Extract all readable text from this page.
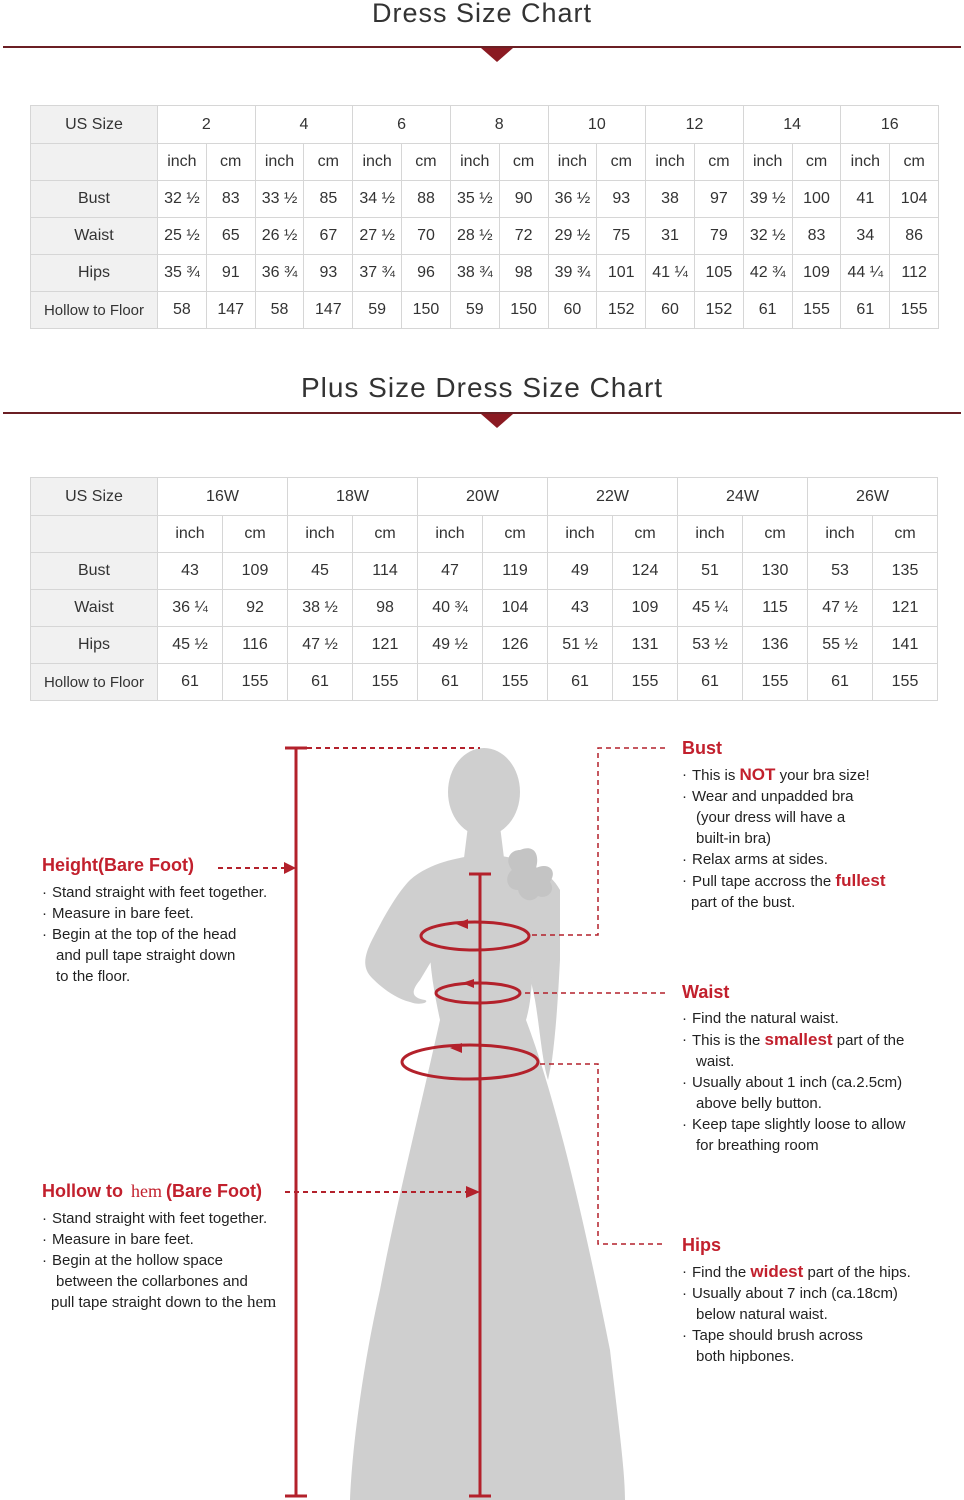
Dress Size Chart
US Size	2		4		6		8		10		12		14		16	
	inch	cm	inch	cm	inch	cm	inch	cm	inch	cm	inch	cm	inch	cm	inch	cm
Bust	32 ½	83	33 ½	85	34 ½	88	35 ½	90	36 ½	93	38	97	39 ½	100	41	104
Waist	25 ½	65	26 ½	67	27 ½	70	28 ½	72	29 ½	75	31	79	32 ½	83	34	86
Hips	35 ¾	91	36 ¾	93	37 ¾	96	38 ¾	98	39 ¾	101	41 ¼	105	42 ¾	109	44 ¼	112
Hollow to Floor	58	147	58	147	59	150	59	150	60	152	60	152	61	155	61	155
Plus Size Dress Size Chart
US Size	16W		18W		20W		22W		24W		26W	
	inch	cm	inch	cm	inch	cm	inch	cm	inch	cm	inch	cm
Bust	43	109	45	114	47	119	49	124	51	130	53	135
Waist	36 ¼	92	38 ½	98	40 ¾	104	43	109	45 ¼	115	47 ½	121
Hips	45 ½	116	47 ½	121	49 ½	126	51 ½	131	53 ½	136	55 ½	141
Hollow to Floor	61	155	61	155	61	155	61	155	61	155	61	155
Height(Bare Foot)
· Stand straight with feet together.
· Measure in bare feet.
· Begin at the top of the head
and pull tape straight down
to the floor.
Hollow to hem (Bare Foot)
· Stand straight with feet together.
· Measure in bare feet.
· Begin at the hollow space
between the collarbones and
pull tape straight down to the hem
Bust
· This is NOT your bra size!
· Wear and unpadded bra
(your dress will have a
built-in bra)
· Relax arms at sides.
· Pull tape accross the fullest
part of the bust.
Waist
· Find the natural waist.
· This is the smallest part of the
waist.
· Usually about 1 inch (ca.2.5cm)
above belly button.
· Keep tape slightly loose to allow
for breathing room
Hips
· Find the widest part of the hips.
· Usually about 7 inch (ca.18cm)
below natural waist.
· Tape should brush across
both hipbones.
